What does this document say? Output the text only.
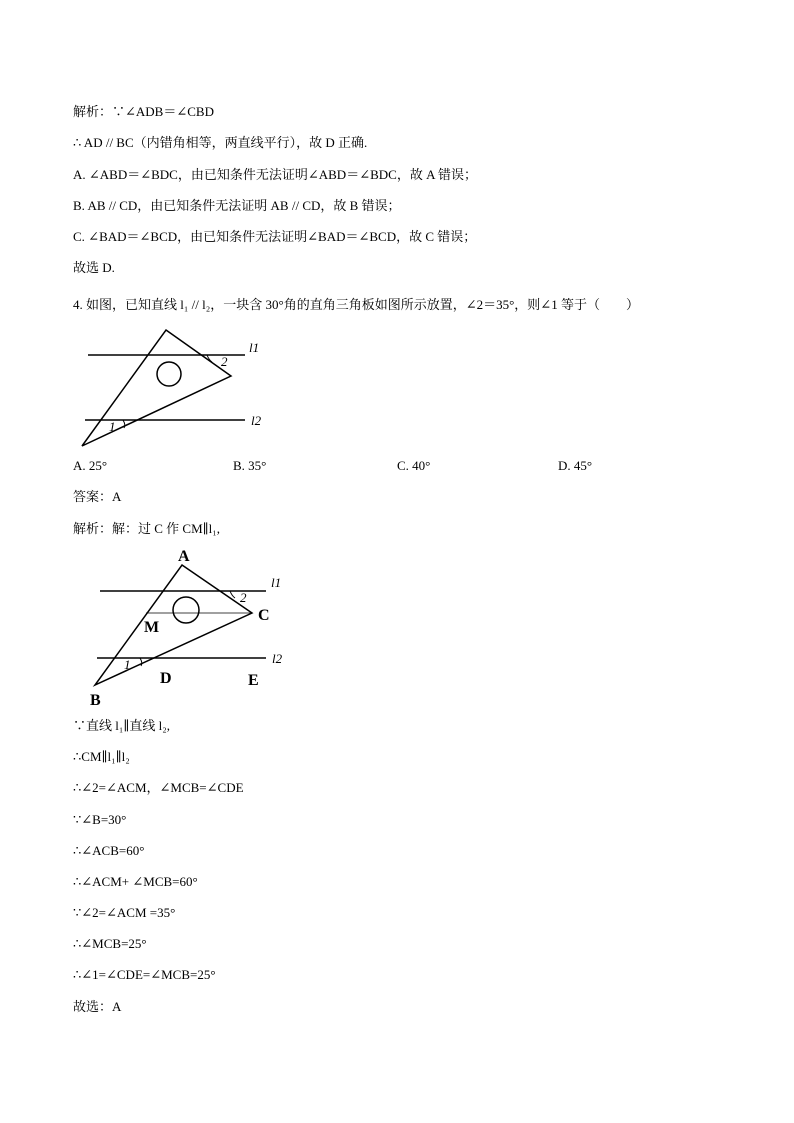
解析：∵∠ADB＝∠CBD
∴ AD // BC（内错角相等，两直线平行），故 D 正确.
A. ∠ABD＝∠BDC，由已知条件无法证明∠ABD＝∠BDC，故 A 错误；
B. AB // CD，由已知条件无法证明 AB // CD，故 B 错误；
C. ∠BAD＝∠BCD，由已知条件无法证明∠BAD＝∠BCD，故 C 错误；
故选 D.
4. 如图，已知直线 l₁ // l₂，一块含 30°角的直角三角板如图所示放置，∠2＝35°，则∠1 等于（　　）
2
1
l1
l2
A. 25°	B. 35°	C. 40°	D. 45°
答案：A
解析：解：过 C 作 CM∥l₁,
A
B
C
D	E
M
2
1
l1
l2
∵直线 l₁∥直线 l₂,
∴CM∥l₁∥l₂
∴∠2=∠ACM，∠MCB=∠CDE
∵∠B=30°
∴∠ACB=60°
∴∠ACM+ ∠MCB=60°
∵∠2=∠ACM =35°
∴∠MCB=25°
∴∠1=∠CDE=∠MCB=25°
故选：A
